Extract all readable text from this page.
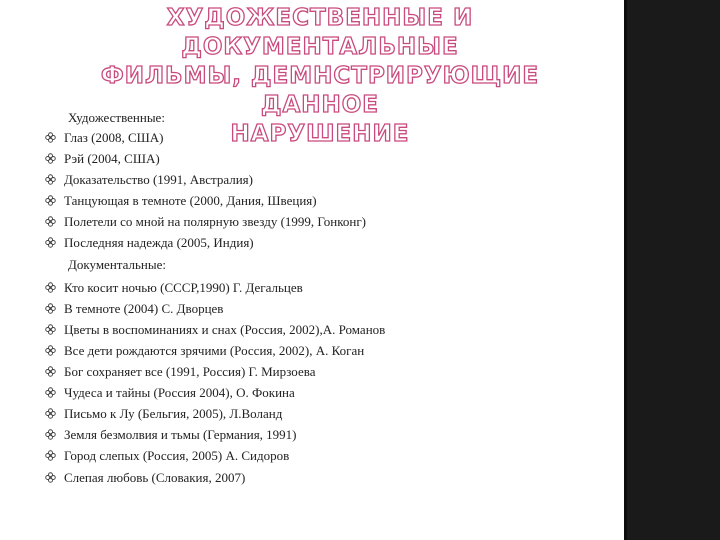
ХУДОЖЕСТВЕННЫЕ И ДОКУМЕНТАЛЬНЫЕ
ФИЛЬМЫ, ДЕМНСТРИРУЮЩИЕ ДАННОЕ
НАРУШЕНИЕ
Художественные:
Глаз (2008, США)
Рэй (2004, США)
Доказательство (1991, Австралия)
Танцующая в темноте (2000, Дания, Швеция)
Полетели со мной на полярную звезду (1999, Гонконг)
Последняя надежда (2005, Индия)
Документальные:
Кто косит ночью (СССР,1990) Г. Дегальцев
В темноте (2004) С. Дворцев
Цветы в воспоминаниях и снах (Россия, 2002),А. Романов
Все дети рождаются зрячими (Россия, 2002), А. Коган
Бог сохраняет все (1991, Россия) Г. Мирзоева
Чудеса и тайны (Россия 2004), О. Фокина
Письмо к Лу (Бельгия, 2005), Л.Воланд
Земля безмолвия и тьмы (Германия, 1991)
Город слепых (Россия, 2005) А. Сидоров
Слепая любовь (Словакия, 2007)
